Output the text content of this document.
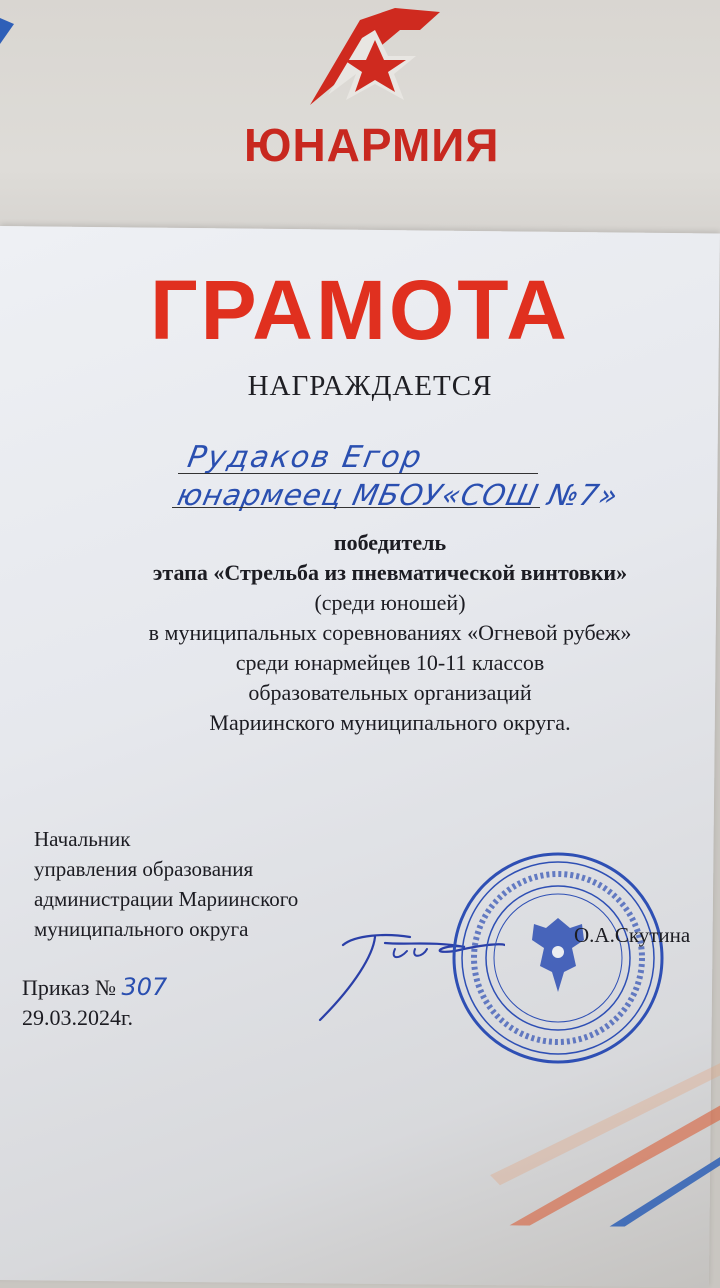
ЮНАРМИЯ
ГРАМОТА
НАГРАЖДАЕТСЯ
Рудаков Егор
юнармеец МБОУ«СОШ №7»
победитель
этапа «Стрельба из пневматической винтовки»
(среди юношей)
в муниципальных соревнованиях «Огневой рубеж»
среди юнармейцев 10-11 классов
образовательных организаций
Мариинского муниципального округа.
Начальник
управления образования
администрации Мариинского
муниципального округа	О.А.Скутина
Приказ № 307
29.03.2024г.
